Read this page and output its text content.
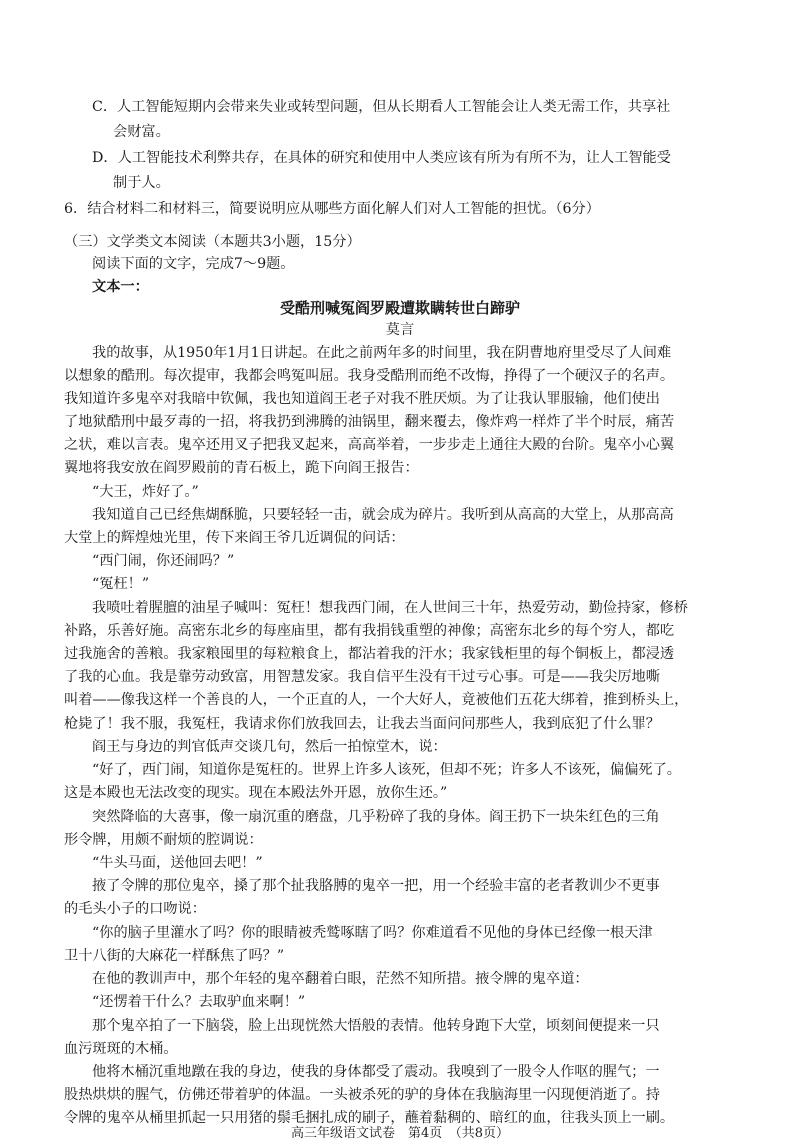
C．人工智能短期内会带来失业或转型问题，但从长期看人工智能会让人类无需工作，共享社
会财富。
D．人工智能技术利弊共存，在具体的研究和使用中人类应该有所为有所不为，让人工智能受
制于人。
6．结合材料二和材料三，简要说明应从哪些方面化解人们对人工智能的担忧。（6分）
（三）文学类文本阅读（本题共3小题，15分）
阅读下面的文字，完成7～9题。
文本一：
受酷刑喊冤阎罗殿遭欺瞒转世白蹄驴
莫言
我的故事，从1950年1月1日讲起。在此之前两年多的时间里，我在阴曹地府里受尽了人间难
以想象的酷刑。每次提审，我都会鸣冤叫屈。我身受酷刑而绝不改悔，挣得了一个硬汉子的名声。
我知道许多鬼卒对我暗中钦佩，我也知道阎王老子对我不胜厌烦。为了让我认罪服输，他们使出
了地狱酷刑中最歹毒的一招，将我扔到沸腾的油锅里，翻来覆去，像炸鸡一样炸了半个时辰，痛苦
之状，难以言表。鬼卒还用叉子把我叉起来，高高举着，一步步走上通往大殿的台阶。鬼卒小心翼
翼地将我安放在阎罗殿前的青石板上，跪下向阎王报告：
“大王，炸好了。”
我知道自己已经焦煳酥脆，只要轻轻一击，就会成为碎片。我听到从高高的大堂上，从那高高
大堂上的辉煌烛光里，传下来阎王爷几近调侃的问话：
“西门闹，你还闹吗？”
“冤枉！”
我喷吐着腥膻的油星子喊叫：冤枉！想我西门闹，在人世间三十年，热爱劳动，勤俭持家，修桥
补路，乐善好施。高密东北乡的每座庙里，都有我捐钱重塑的神像；高密东北乡的每个穷人，都吃
过我施舍的善粮。我家粮囤里的每粒粮食上，都沾着我的汗水；我家钱柜里的每个铜板上，都浸透
了我的心血。我是靠劳动致富，用智慧发家。我自信平生没有干过亏心事。可是——我尖厉地嘶
叫着——像我这样一个善良的人，一个正直的人，一个大好人，竟被他们五花大绑着，推到桥头上，
枪毙了！我不服，我冤枉，我请求你们放我回去，让我去当面问问那些人，我到底犯了什么罪？
阎王与身边的判官低声交谈几句，然后一拍惊堂木，说：
“好了，西门闹，知道你是冤枉的。世界上许多人该死，但却不死；许多人不该死，偏偏死了。
这是本殿也无法改变的现实。现在本殿法外开恩，放你生还。”
突然降临的大喜事，像一扇沉重的磨盘，几乎粉碎了我的身体。阎王扔下一块朱红色的三角
形令牌，用颇不耐烦的腔调说：
“牛头马面，送他回去吧！”
掖了令牌的那位鬼卒，搡了那个扯我胳膊的鬼卒一把，用一个经验丰富的老者教训少不更事
的毛头小子的口吻说：
“你的脑子里灌水了吗？你的眼睛被秃鹫啄瞎了吗？你难道看不见他的身体已经像一根天津
卫十八街的大麻花一样酥焦了吗？”
在他的教训声中，那个年轻的鬼卒翻着白眼，茫然不知所措。掖令牌的鬼卒道：
“还愣着干什么？去取驴血来啊！”
那个鬼卒拍了一下脑袋，脸上出现恍然大悟般的表情。他转身跑下大堂，顷刻间便提来一只
血污斑斑的木桶。
他将木桶沉重地蹾在我的身边，使我的身体都受了震动。我嗅到了一股令人作呕的腥气；一
股热烘烘的腥气，仿佛还带着驴的体温。一头被杀死的驴的身体在我脑海里一闪现便消逝了。持
令牌的鬼卒从桶里抓起一只用猪的鬃毛捆扎成的刷子，蘸着黏稠的、暗红的血，往我头顶上一刷。
高三年级语文试卷　第4页　（共8页）
